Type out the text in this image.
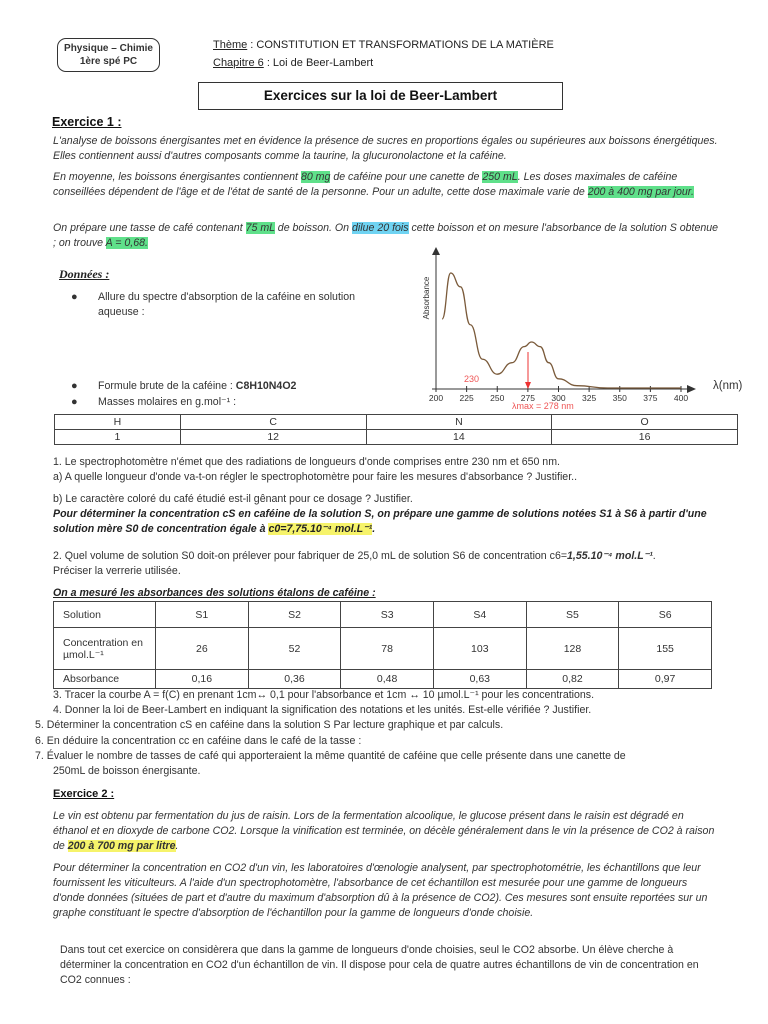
Physique – Chimie
1ère spé PC
Thème : CONSTITUTION ET TRANSFORMATIONS DE LA MATIÈRE
Chapitre 6 : Loi de Beer-Lambert
Exercices sur la loi de Beer-Lambert
Exercice 1 :
L'analyse de boissons énergisantes met en évidence la présence de sucres en proportions égales ou supérieures aux boissons énergétiques. Elles contiennent aussi d'autres composants comme la taurine, la glucuronolactone et la caféine.
En moyenne, les boissons énergisantes contiennent 80 mg de caféine pour une canette de 250 mL. Les doses maximales de caféine conseillées dépendent de l'âge et de l'état de santé de la personne. Pour un adulte, cette dose maximale varie de 200 à 400 mg par jour.
On prépare une tasse de café contenant 75 mL de boisson. On dilue 20 fois cette boisson et on mesure l'absorbance de la solution S obtenue ; on trouve A = 0,68.
Données :
● Allure du spectre d'absorption de la caféine en solution aqueuse :
● Formule brute de la caféine : C8H10N4O2
● Masses molaires en g.mol⁻¹ :
Absorbance
λ(nm)
200 225 250 275 300 325 350 375 400
230
λmax = 278 nm
H	C	N	O
1	12	14	16
1. Le spectrophotomètre n'émet que des radiations de longueurs d'onde comprises entre 230 nm et 650 nm.
a) A quelle longueur d'onde va-t-on régler le spectrophotomètre pour faire les mesures d'absorbance ? Justifier..
b) Le caractère coloré du café étudié est-il gênant pour ce dosage ? Justifier.
Pour déterminer la concentration cS en caféine de la solution S, on prépare une gamme de solutions notées S1 à S6 à partir d'une solution mère S0 de concentration égale à c0=7,75.10⁻⁴ mol.L⁻¹.
2. Quel volume de solution S0 doit-on prélever pour fabriquer de 25,0 mL de solution S6 de concentration c6=1,55.10⁻⁴ mol.L⁻¹.
Préciser la verrerie utilisée.
On a mesuré les absorbances des solutions étalons de caféine :
Solution	S1	S2	S3	S4	S5	S6
Concentration en µmol.L⁻¹	26	52	78	103	128	155
Absorbance	0,16	0,36	0,48	0,63	0,82	0,97
3. Tracer la courbe A = f(C) en prenant 1cm↔ 0,1 pour l'absorbance et 1cm ↔ 10 µmol.L⁻¹ pour les concentrations.
4. Donner la loi de Beer-Lambert en indiquant la signification des notations et les unités. Est-elle vérifiée ? Justifier.
5. Déterminer la concentration cS en caféine dans la solution S Par lecture graphique et par calculs.
6. En déduire la concentration cc en caféine dans le café de la tasse :
7. Évaluer le nombre de tasses de café qui apporteraient la même quantité de caféine que celle présente dans une canette de
250mL de boisson énergisante.
Exercice 2 :
Le vin est obtenu par fermentation du jus de raisin. Lors de la fermentation alcoolique, le glucose présent dans le raisin est dégradé en éthanol et en dioxyde de carbone CO2. Lorsque la vinification est terminée, on décèle généralement dans le vin la présence de CO2 à raison de 200 à 700 mg par litre.
Pour déterminer la concentration en CO2 d'un vin, les laboratoires d'œnologie analysent, par spectrophotométrie, les échantillons que leur fournissent les viticulteurs. A l'aide d'un spectrophotomètre, l'absorbance de cet échantillon est mesurée pour une gamme de longueurs d'onde données (situées de part et d'autre du maximum d'absorption dû à la présence de CO2). Ces mesures sont ensuite reportées sur un graphe constituant le spectre d'absorption de l'échantillon pour la gamme de longueurs d'onde choisie.
Dans tout cet exercice on considèrera que dans la gamme de longueurs d'onde choisies, seul le CO2 absorbe. Un élève cherche à déterminer la concentration en CO2 d'un échantillon de vin. Il dispose pour cela de quatre autres échantillons de vin de concentration en CO2 connues :
